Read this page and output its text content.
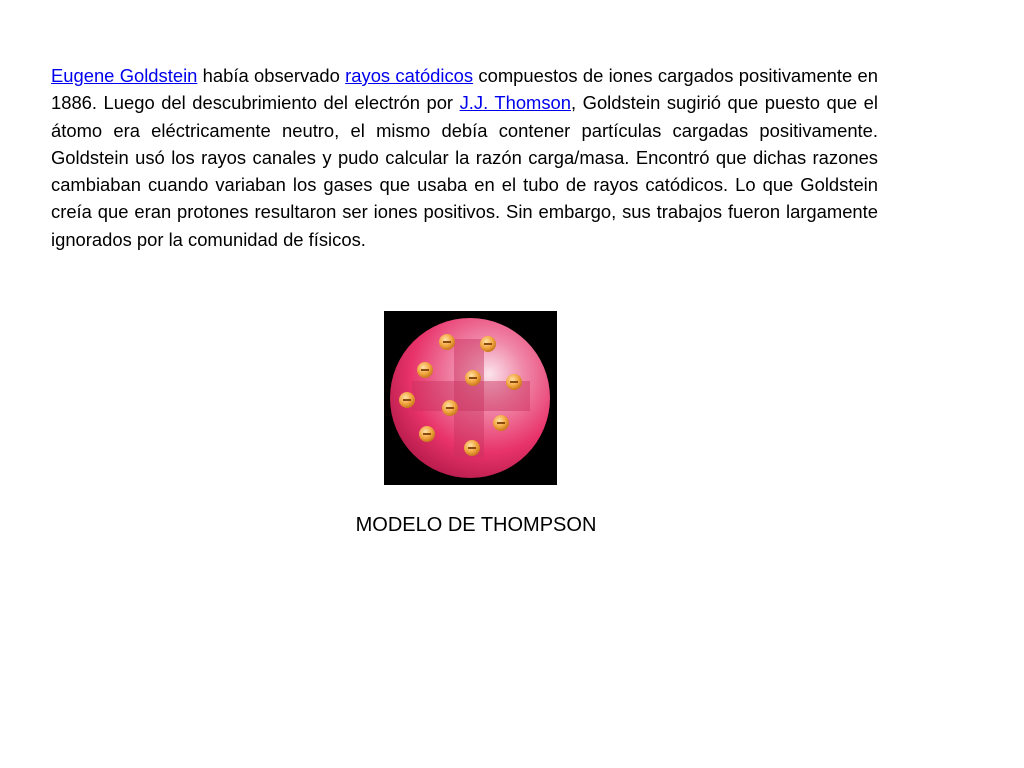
Eugene Goldstein había observado rayos catódicos compuestos de iones cargados positivamente en 1886. Luego del descubrimiento del electrón por J.J. Thomson, Goldstein sugirió que puesto que el átomo era eléctricamente neutro, el mismo debía contener partículas cargadas positivamente. Goldstein usó los rayos canales y pudo calcular la razón carga/masa. Encontró que dichas razones cambiaban cuando variaban los gases que usaba en el tubo de rayos catódicos. Lo que Goldstein creía que eran protones resultaron ser iones positivos. Sin embargo, sus trabajos fueron largamente ignorados por la comunidad de físicos.

MODELO DE THOMPSON
